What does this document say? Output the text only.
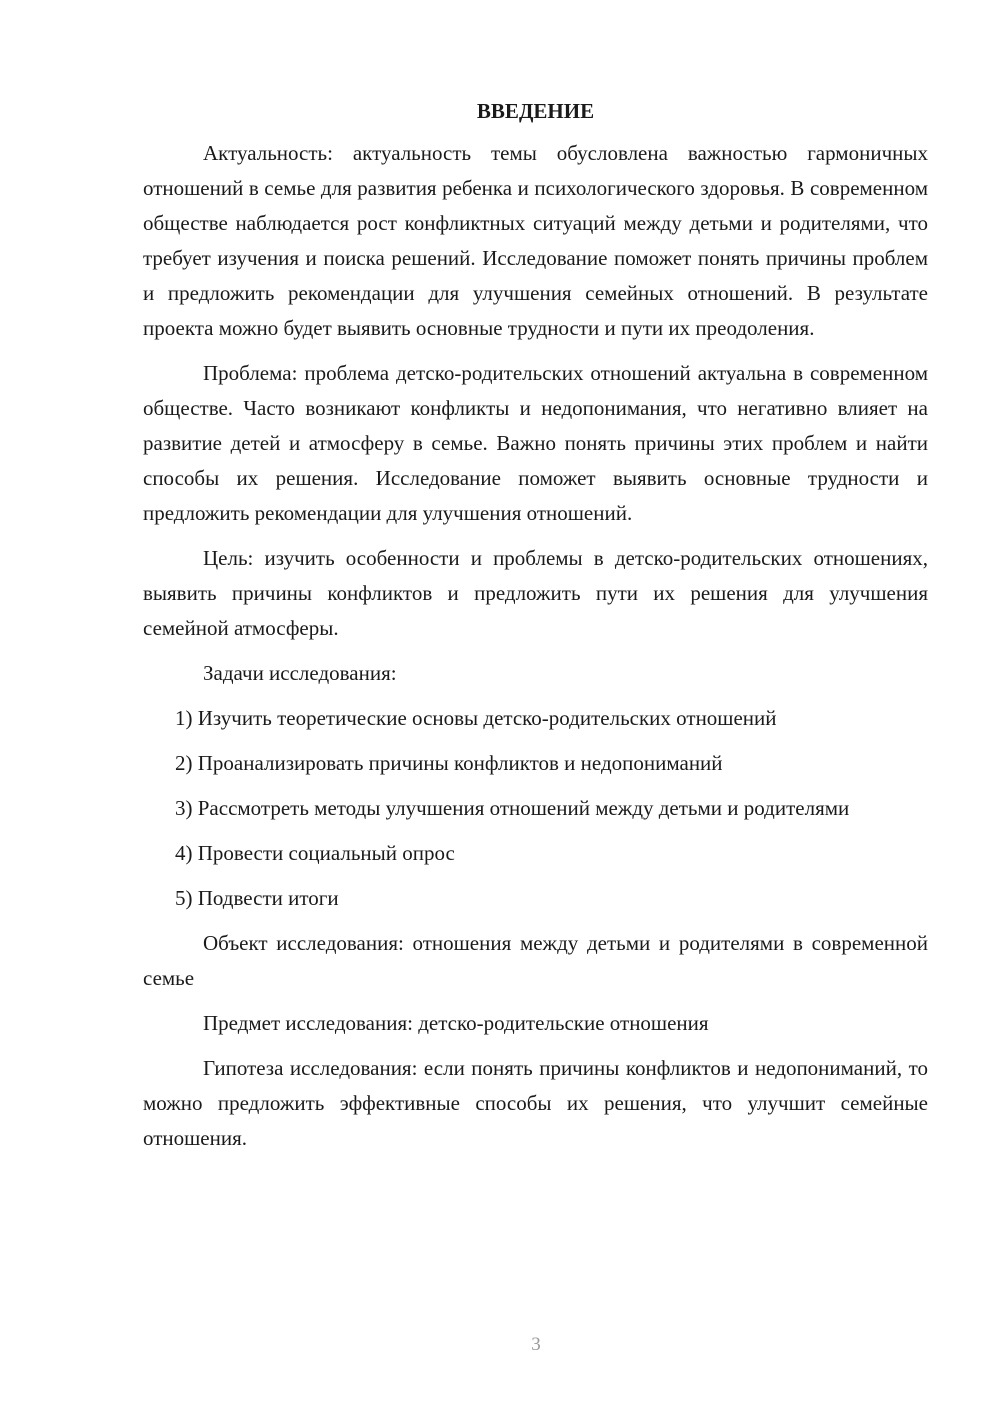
ВВЕДЕНИЕ

Актуальность: актуальность темы обусловлена важностью гармоничных отношений в семье для развития ребенка и психологического здоровья. В современном обществе наблюдается рост конфликтных ситуаций между детьми и родителями, что требует изучения и поиска решений. Исследование поможет понять причины проблем и предложить рекомендации для улучшения семейных отношений. В результате проекта можно будет выявить основные трудности и пути их преодоления.

Проблема: проблема детско-родительских отношений актуальна в современном обществе. Часто возникают конфликты и недопонимания, что негативно влияет на развитие детей и атмосферу в семье. Важно понять причины этих проблем и найти способы их решения. Исследование поможет выявить основные трудности и предложить рекомендации для улучшения отношений.

Цель: изучить особенности и проблемы в детско-родительских отношениях, выявить причины конфликтов и предложить пути их решения для улучшения семейной атмосферы.

Задачи исследования:

1) Изучить теоретические основы детско-родительских отношений

2) Проанализировать причины конфликтов и недопониманий

3) Рассмотреть методы улучшения отношений между детьми и родителями

4) Провести социальный опрос

5) Подвести итоги

Объект исследования: отношения между детьми и родителями в современной семье

Предмет исследования: детско-родительские отношения

Гипотеза исследования: если понять причины конфликтов и недопониманий, то можно предложить эффективные способы их решения, что улучшит семейные отношения.

3
